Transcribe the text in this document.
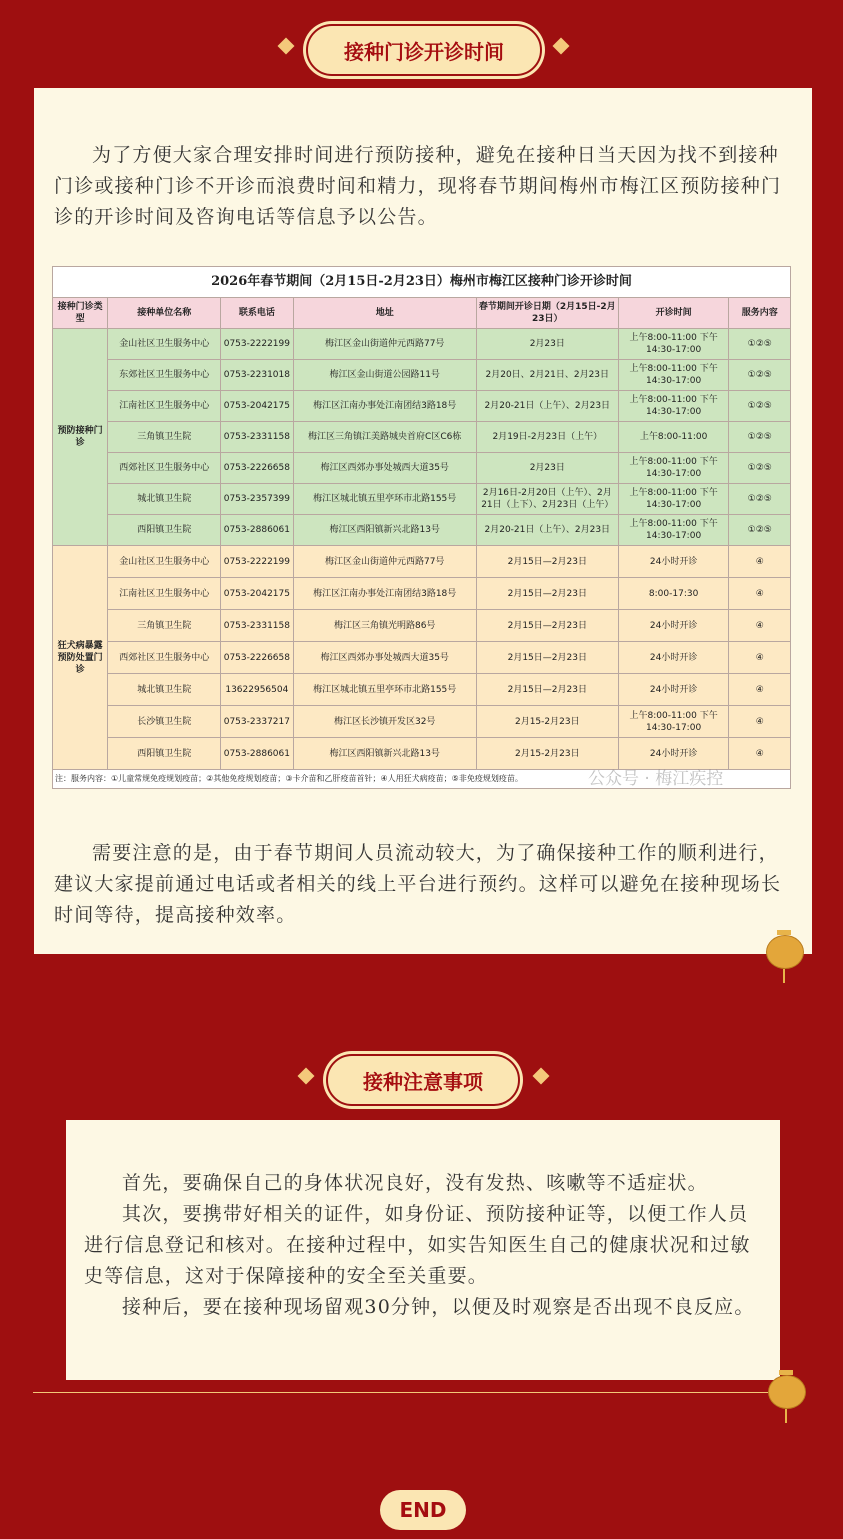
接种门诊开诊时间

为了方便大家合理安排时间进行预防接种，避免在接种日当天因为找不到接种门诊或接种门诊不开诊而浪费时间和精力，现将春节期间梅州市梅江区预防接种门诊的开诊时间及咨询电话等信息予以公告。

需要注意的是，由于春节期间人员流动较大，为了确保接种工作的顺利进行，建议大家提前通过电话或者相关的线上平台进行预约。这样可以避免在接种现场长时间等待，提高接种效率。

2026年春节期间（2月15日-2月23日）梅州市梅江区接种门诊开诊时间						
接种门诊类型	接种单位名称	联系电话	地址	春节期间开诊日期（2月15日-2月23日）	开诊时间	服务内容
预防接种门诊	金山社区卫生服务中心	0753-2222199	梅江区金山街道仲元西路77号	2月23日	上午8:00-11:00 下午14:30-17:00	①②⑤
	东郊社区卫生服务中心	0753-2231018	梅江区金山街道公园路11号	2月20日、2月21日、2月23日	上午8:00-11:00 下午14:30-17:00	①②⑤
	江南社区卫生服务中心	0753-2042175	梅江区江南办事处江南团结3路18号	2月20-21日（上午）、2月23日	上午8:00-11:00 下午14:30-17:00	①②⑤
	三角镇卫生院	0753-2331158	梅江区三角镇江美路城央首府C区C6栋	2月19日-2月23日（上午）	上午8:00-11:00	①②⑤
	西郊社区卫生服务中心	0753-2226658	梅江区西郊办事处城西大道35号	2月23日	上午8:00-11:00 下午14:30-17:00	①②⑤
	城北镇卫生院	0753-2357399	梅江区城北镇五里亭环市北路155号	2月16日-2月20日（上午）、2月21日（上下）、2月23日（上午）	上午8:00-11:00 下午14:30-17:00	①②⑤
	西阳镇卫生院	0753-2886061	梅江区西阳镇新兴北路13号	2月20-21日（上午）、2月23日	上午8:00-11:00 下午14:30-17:00	①②⑤
狂犬病暴露预防处置门诊	金山社区卫生服务中心	0753-2222199	梅江区金山街道仲元西路77号	2月15日—2月23日	24小时开诊	④
	江南社区卫生服务中心	0753-2042175	梅江区江南办事处江南团结3路18号	2月15日—2月23日	8:00-17:30	④
	三角镇卫生院	0753-2331158	梅江区三角镇光明路86号	2月15日—2月23日	24小时开诊	④
	西郊社区卫生服务中心	0753-2226658	梅江区西郊办事处城西大道35号	2月15日—2月23日	24小时开诊	④
	城北镇卫生院	13622956504	梅江区城北镇五里亭环市北路155号	2月15日—2月23日	24小时开诊	④
	长沙镇卫生院	0753-2337217	梅江区长沙镇开发区32号	2月15-2月23日	上午8:00-11:00 下午14:30-17:00	④
	西阳镇卫生院	0753-2886061	梅江区西阳镇新兴北路13号	2月15-2月23日	24小时开诊	④
注：服务内容：①儿童常规免疫规划疫苗；②其他免疫规划疫苗；③卡介苗和乙肝疫苗首针；④人用狂犬病疫苗；⑤非免疫规划疫苗。							公众号 · 梅江疾控
接种注意事项

首先，要确保自己的身体状况良好，没有发热、咳嗽等不适症状。

其次，要携带好相关的证件，如身份证、预防接种证等，以便工作人员进行信息登记和核对。在接种过程中，如实告知医生自己的健康状况和过敏史等信息，这对于保障接种的安全至关重要。

接种后，要在接种现场留观30分钟，以便及时观察是否出现不良反应。

END
